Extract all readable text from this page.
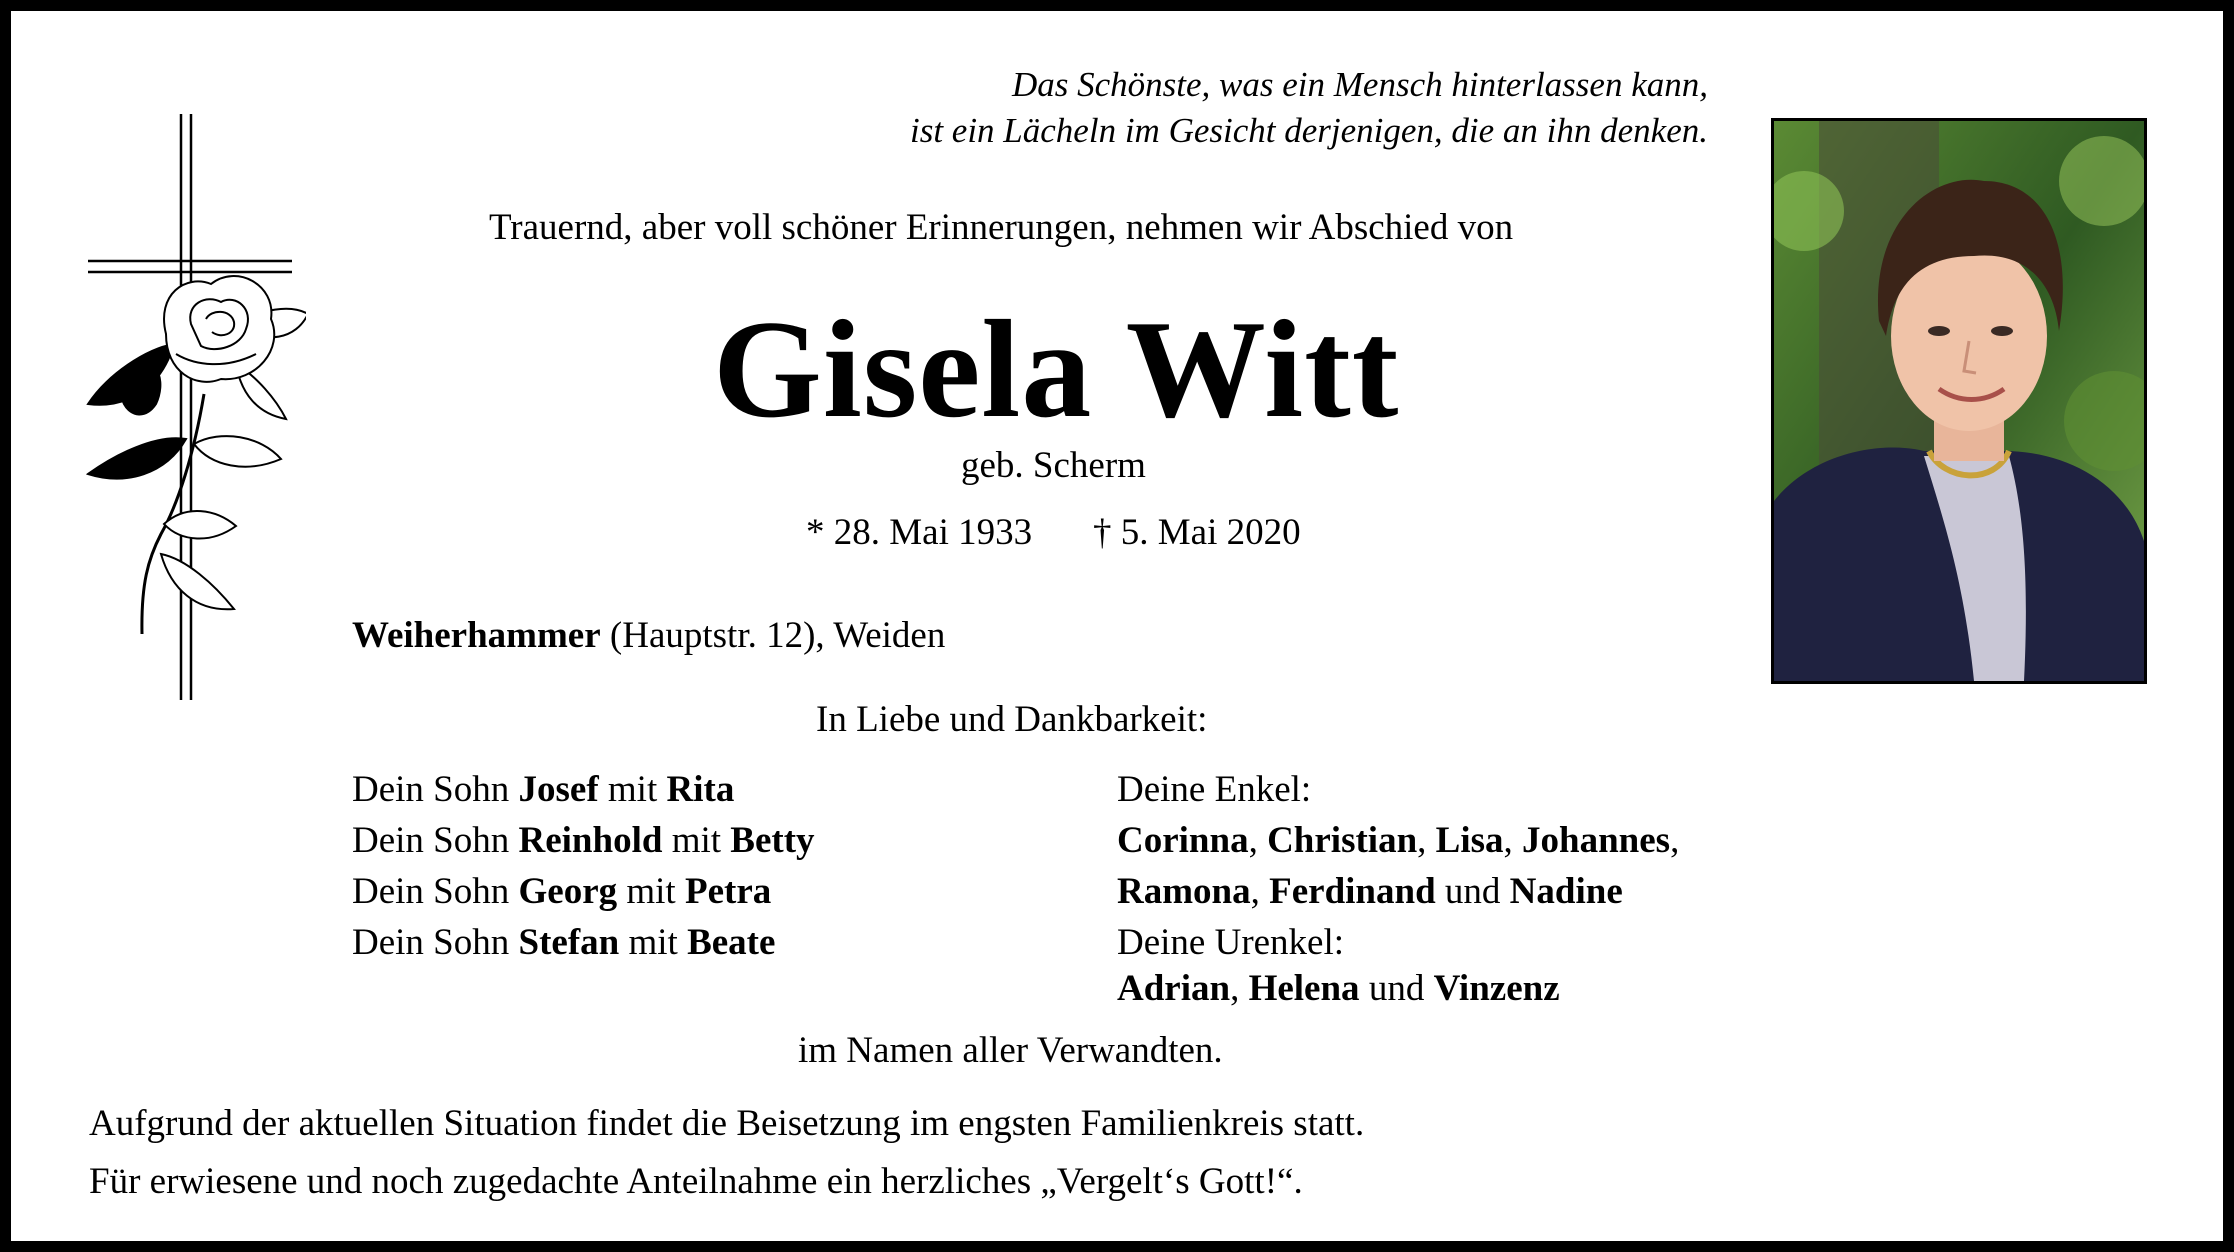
Das Schönste, was ein Mensch hinterlassen kann,
ist ein Lächeln im Gesicht derjenigen, die an ihn denken.
Trauernd, aber voll schöner Erinnerungen, nehmen wir Abschied von
Gisela Witt
geb. Scherm
* 28. Mai 1933 † 5. Mai 2020
Weiherhammer (Hauptstr. 12), Weiden
In Liebe und Dankbarkeit:
Dein Sohn Josef mit Rita
Dein Sohn Reinhold mit Betty
Dein Sohn Georg mit Petra
Dein Sohn Stefan mit Beate
Deine Enkel:
Corinna, Christian, Lisa, Johannes,
Ramona, Ferdinand und Nadine
Deine Urenkel:
Adrian, Helena und Vinzenz
im Namen aller Verwandten.
Aufgrund der aktuellen Situation findet die Beisetzung im engsten Familienkreis statt.
Für erwiesene und noch zugedachte Anteilnahme ein herzliches „Vergelt‘s Gott!“.
